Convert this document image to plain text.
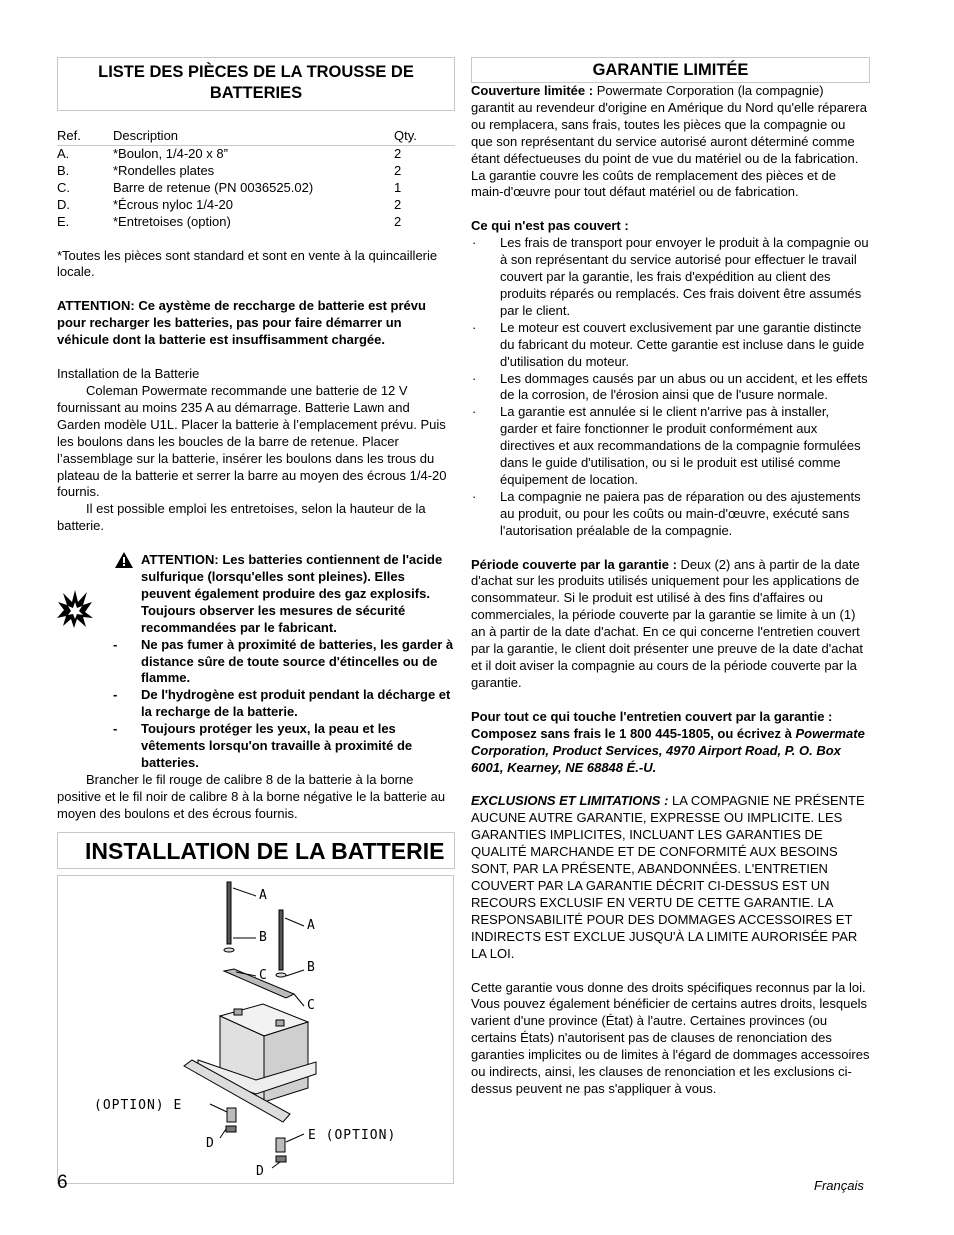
LISTE DES PIÈCES DE LA TROUSSE DE BATTERIES
Ref.	Description	Qty.
A.	*Boulon, 1/4-20 x 8”	2
B.	*Rondelles plates	2
C.	Barre de retenue (PN 0036525.02)	1
D.	*Écrous nyloc 1/4-20	2
E.	*Entretoises (option)	2

*Toutes les pièces sont standard et sont en vente à la quincaillerie locale.

ATTENTION: Ce aystème de reccharge de batterie est prévu pour recharger les batteries, pas pour faire démarrer un véhicule dont la batterie est insuffisamment chargée.

Installation de la Batterie

Coleman Powermate recommande une batterie de 12 V fournissant au moins 235 A au démarrage. Batterie Lawn and Garden modèle U1L. Placer la batterie à l’emplacement prévu. Puis les boulons dans les boucles de la barre de retenue. Placer l’assemblage sur la batterie, insérer les boulons dans les trous du plateau de la batterie et serrer la barre au moyen des écrous 1/4-20 fournis.

Il est possible emploi les entretoises, selon la hauteur de la batterie.

ATTENTION: Les batteries contiennent de l'acide sulfurique (lorsqu'elles sont pleines). Elles peuvent également produire des gaz explosifs. Toujours observer les mesures de sécurité recommandées par le fabricant.

- Ne pas fumer à proximité de batteries, les garder à distance sûre de toute source d'étincelles ou de flamme.
- De l'hydrogène est produit pendant la décharge et la recharge de la batterie.
- Toujours protéger les yeux, la peau et les vêtements lorsqu'on travaille à proximité de batteries.

Brancher le fil rouge de calibre 8 de la batterie à la borne positive et le fil noir de calibre 8 à la borne négative le la batterie au moyen des boulons et des écrous fournis.

INSTALLATION DE LA BATTERIE
A
B
C
A
B
C
(OPTION) E
D
E (OPTION)
D
GARANTIE LIMITÉE

Couverture limitée : Powermate Corporation (la compagnie) garantit au revendeur d'origine en Amérique du Nord qu'elle réparera ou remplacera, sans frais, toutes les pièces que la compagnie ou que son représentant du service autorisé auront déterminé comme étant défectueuses du point de vue du matériel ou de la fabrication. La garantie couvre les coûts de remplacement des pièces et de main-d'œuvre pour tout défaut matériel ou de fabrication.

Ce qui n'est pas couvert :

· Les frais de transport pour envoyer le produit à la compagnie ou à son représentant du service autorisé pour effectuer le travail couvert par la garantie, les frais d'expédition au client des produits réparés ou remplacés. Ces frais doivent être assumés par le client.
· Le moteur est couvert exclusivement par une garantie distincte du fabricant du moteur. Cette garantie est incluse dans le guide d'utilisation du moteur.
· Les dommages causés par un abus ou un accident, et les effets de la corrosion, de l'érosion ainsi que de l'usure normale.
· La garantie est annulée si le client n'arrive pas à installer, garder et faire fonctionner le produit conformément aux directives et aux recommandations de la compagnie formulées dans le guide d'utilisation, ou si le produit est utilisé comme équipement de location.
· La compagnie ne paiera pas de réparation ou des ajustements au produit, ou pour les coûts ou main-d'œuvre, exécuté sans l'autorisation préalable de la compagnie.

Période couverte par la garantie : Deux (2) ans à partir de la date d'achat sur les produits utilisés uniquement pour les applications de consommateur. Si le produit est utilisé à des fins d'affaires ou commerciales, la période couverte par la garantie se limite à un (1) an à partir de la date d'achat. En ce qui concerne l'entretien couvert par la garantie, le client doit présenter une preuve de la date d'achat et il doit aviser la compagnie au cours de la période couverte par la garantie.

Pour tout ce qui touche l'entretien couvert par la garantie : Composez sans frais le 1 800 445-1805, ou écrivez à Powermate Corporation, Product Services, 4970 Airport Road, P. O. Box 6001, Kearney, NE 68848 É.-U.

EXCLUSIONS ET LIMITATIONS : LA COMPAGNIE NE PRÉSENTE AUCUNE AUTRE GARANTIE, EXPRESSE OU IMPLICITE. LES GARANTIES IMPLICITES, INCLUANT LES GARANTIES DE QUALITÉ MARCHANDE ET DE CONFORMITÉ AUX BESOINS SONT, PAR LA PRÉSENTE, ABANDONNÉES. L'ENTRETIEN COUVERT PAR LA GARANTIE DÉCRIT CI-DESSUS EST UN RECOURS EXCLUSIF EN VERTU DE CETTE GARANTIE. LA RESPONSABILITÉ POUR DES DOMMAGES ACCESSOIRES ET INDIRECTS EST EXCLUE JUSQU'À LA LIMITE AURORISÉE PAR LA LOI.

Cette garantie vous donne des droits spécifiques reconnus par la loi. Vous pouvez également bénéficier de certains autres droits, lesquels varient d'une province (État) à l'autre. Certaines provinces (ou certains États) n'autorisent pas de clauses de renonciation des garanties implicites ou de limites à l'égard de dommages accessoires ou indirects, ainsi, les clauses de renonciation et les exclusions ci-dessus peuvent ne pas s'appliquer à vous.

6	Français
